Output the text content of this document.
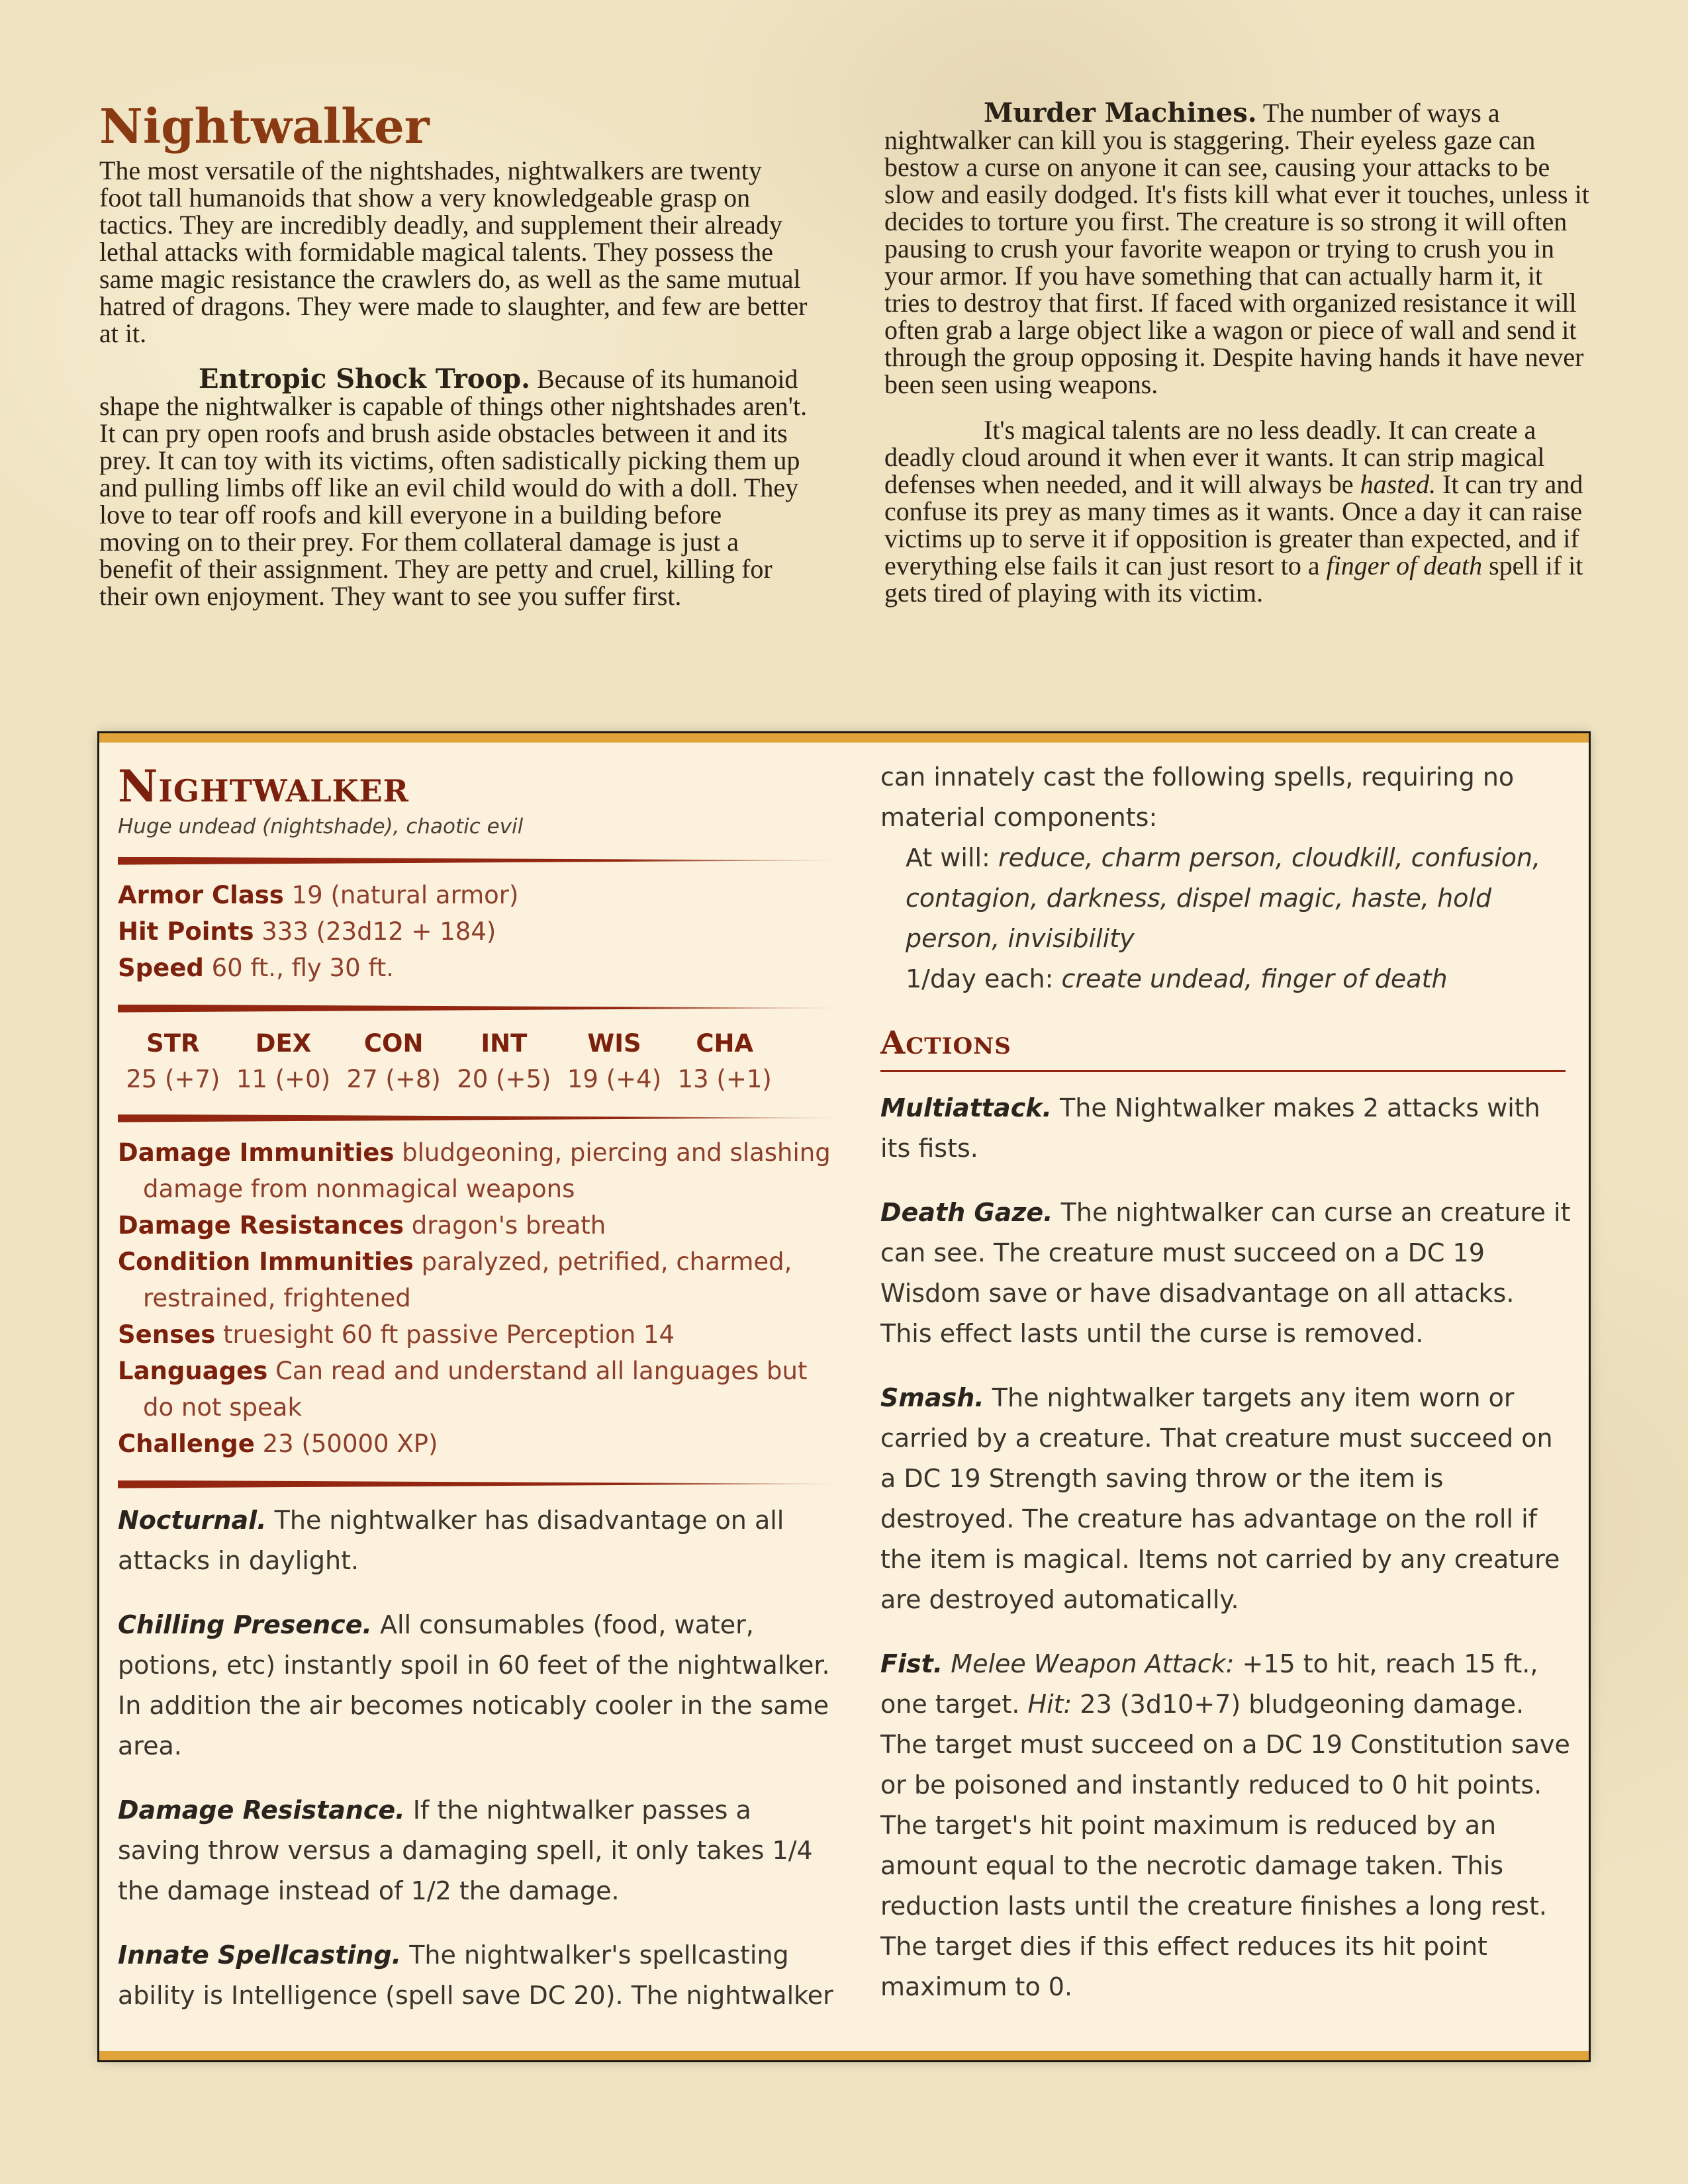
Nightwalker

The most versatile of the nightshades, nightwalkers are twenty foot tall humanoids that show a very knowledgeable grasp on tactics. They are incredibly deadly, and supplement their already lethal attacks with formidable magical talents. They possess the same magic resistance the crawlers do, as well as the same mutual hatred of dragons. They were made to slaughter, and few are better at it.

Entropic Shock Troop. Because of its humanoid shape the nightwalker is capable of things other nightshades aren't. It can pry open roofs and brush aside obstacles between it and its prey. It can toy with its victims, often sadistically picking them up and pulling limbs off like an evil child would do with a doll. They love to tear off roofs and kill everyone in a building before moving on to their prey. For them collateral damage is just a benefit of their assignment. They are petty and cruel, killing for their own enjoyment. They want to see you suffer first.

Murder Machines. The number of ways a nightwalker can kill you is staggering. Their eyeless gaze can bestow a curse on anyone it can see, causing your attacks to be slow and easily dodged. It's fists kill what ever it touches, unless it decides to torture you first. The creature is so strong it will often pausing to crush your favorite weapon or trying to crush you in your armor. If you have something that can actually harm it, it tries to destroy that first. If faced with organized resistance it will often grab a large object like a wagon or piece of wall and send it through the group opposing it. Despite having hands it have never been seen using weapons.

It's magical talents are no less deadly. It can create a deadly cloud around it when ever it wants. It can strip magical defenses when needed, and it will always be hasted. It can try and confuse its prey as many times as it wants. Once a day it can raise victims up to serve it if opposition is greater than expected, and if everything else fails it can just resort to a finger of death spell if it gets tired of playing with its victim.

Nightwalker

Huge undead (nightshade), chaotic evil

Armor Class 19 (natural armor)

Hit Points 333 (23d12 + 184)

Speed 60 ft., fly 30 ft.

STR
25 (+7)
DEX
11 (+0)
CON
27 (+8)
INT
20 (+5)
WIS
19 (+4)
CHA
13 (+1)

Damage Immunities bludgeoning, piercing and slashing damage from nonmagical weapons

Damage Resistances dragon's breath

Condition Immunities paralyzed, petrified, charmed, restrained, frightened

Senses truesight 60 ft passive Perception 14

Languages Can read and understand all languages but do not speak

Challenge 23 (50000 XP)

Nocturnal. The nightwalker has disadvantage on all attacks in daylight.

Chilling Presence. All consumables (food, water, potions, etc) instantly spoil in 60 feet of the nightwalker. In addition the air becomes noticably cooler in the same area.

Damage Resistance. If the nightwalker passes a saving throw versus a damaging spell, it only takes 1/4 the damage instead of 1/2 the damage.

Innate Spellcasting. The nightwalker's spellcasting ability is Intelligence (spell save DC 20). The nightwalker

can innately cast the following spells, requiring no material components:

At will: reduce, charm person, cloudkill, confusion, contagion, darkness, dispel magic, haste, hold person, invisibility

1/day each: create undead, finger of death

Actions

Multiattack. The Nightwalker makes 2 attacks with its fists.

Death Gaze. The nightwalker can curse an creature it can see. The creature must succeed on a DC 19 Wisdom save or have disadvantage on all attacks. This effect lasts until the curse is removed.

Smash. The nightwalker targets any item worn or carried by a creature. That creature must succeed on a DC 19 Strength saving throw or the item is destroyed. The creature has advantage on the roll if the item is magical. Items not carried by any creature are destroyed automatically.

Fist. Melee Weapon Attack: +15 to hit, reach 15 ft., one target. Hit: 23 (3d10+7) bludgeoning damage. The target must succeed on a DC 19 Constitution save or be poisoned and instantly reduced to 0 hit points. The target's hit point maximum is reduced by an amount equal to the necrotic damage taken. This reduction lasts until the creature finishes a long rest. The target dies if this effect reduces its hit point maximum to 0.
